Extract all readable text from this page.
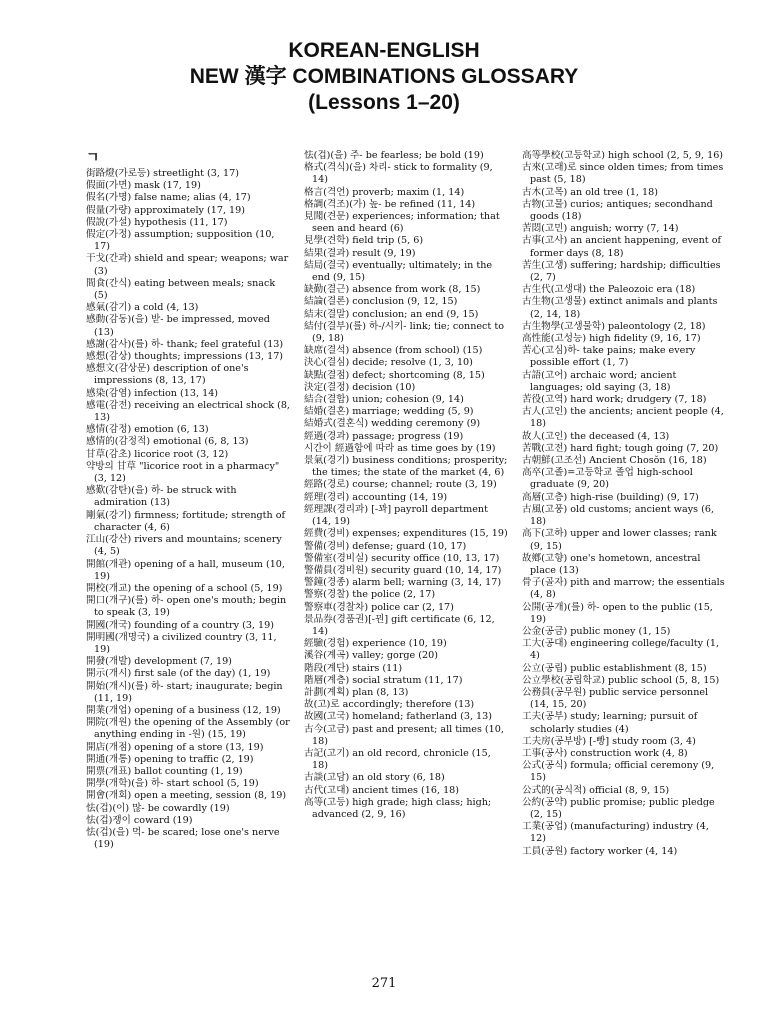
KOREAN-ENGLISH
NEW 漢字 COMBINATIONS GLOSSARY
(Lessons 1–20)
ㄱ
街路燈(가로등) streetlight (3, 17)
假面(가면) mask (17, 19)
假名(가명) false name; alias (4, 17)
假量(가량) approximately (17, 19)
假說(가설) hypothesis (11, 17)
假定(가정) assumption; supposition (10, 17)
干戈(간과) shield and spear; weapons; war (3)
間食(간식) eating between meals; snack (5)
感氣(감기) a cold (4, 13)
感動(감동)(을) 받- be impressed, moved (13)
感謝(감사)(를) 하- thank; feel grateful (13)
感想(감상) thoughts; impressions (13, 17)
感想文(감상문) description of one's impressions (8, 13, 17)
感染(감염) infection (13, 14)
感電(감전) receiving an electrical shock (8, 13)
感情(감정) emotion (6, 13)
感情的(감정적) emotional (6, 8, 13)
甘草(감초) licorice root (3, 12)
약방의 甘草 "licorice root in a pharmacy" (3, 12)
感歎(감탄)(을) 하- be struck with admiration (13)
剛氣(강기) firmness; fortitude; strength of character (4, 6)
江山(강산) rivers and mountains; scenery (4, 5)
開館(개관) opening of a hall, museum (10, 19)
開校(개교) the opening of a school (5, 19)
開口(개구)(를) 하- open one's mouth; begin to speak (3, 19)
開國(개국) founding of a country (3, 19)
開明國(개명국) a civilized country (3, 11, 19)
開發(개발) development (7, 19)
開示(개시) first sale (of the day) (1, 19)
開始(개시)(를) 하- start; inaugurate; begin (11, 19)
開業(개업) opening of a business (12, 19)
開院(개원) the opening of the Assembly (or anything ending in -원) (15, 19)
開店(개점) opening of a store (13, 19)
開通(개통) opening to traffic (2, 19)
開票(개표) ballot counting (1, 19)
開學(개학)(을) 하- start school (5, 19)
開會(개회) open a meeting, session (8, 19)
怯(겁)(이) 많- be cowardly (19)
怯(겁)쟁이 coward (19)
怯(겁)(을) 먹- be scared; lose one's nerve (19)
怯(겁)(을) 주- be fearless; be bold (19)
格式(격식)(을) 차리- stick to formality (9, 14)
格言(격언) proverb; maxim (1, 14)
格調(격조)(가) 높- be refined (11, 14)
見聞(견문) experiences; information; that seen and heard (6)
見學(견학) field trip (5, 6)
結果(결과) result (9, 19)
結局(결국) eventually; ultimately; in the end (9, 15)
缺勤(결근) absence from work (8, 15)
結論(결론) conclusion (9, 12, 15)
結末(결말) conclusion; an end (9, 15)
結付(결부)(를) 하-/시키- link; tie; connect to (9, 18)
缺席(결석) absence (from school) (15)
決心(결심) decide; resolve (1, 3, 10)
缺點(결점) defect; shortcoming (8, 15)
決定(결정) decision (10)
結合(결합) union; cohesion (9, 14)
結婚(결혼) marriage; wedding (5, 9)
結婚式(결혼식) wedding ceremony (9)
經過(경과) passage; progress (19)
시간이 經過함에 따라 as time goes by (19)
景氣(경기) business conditions; prosperity; the times; the state of the market (4, 6)
經路(경로) course; channel; route (3, 19)
經理(경리) accounting (14, 19)
經理課(경리과) [-꽈] payroll department (14, 19)
經費(경비) expenses; expenditures (15, 19)
警備(경비) defense; guard (10, 17)
警備室(경비실) security office (10, 13, 17)
警備員(경비원) security guard (10, 14, 17)
警鐘(경종) alarm bell; warning (3, 14, 17)
警察(경찰) the police (2, 17)
警察車(경찰차) police car (2, 17)
景品券(경품권)[-꿘] gift certificate (6, 12, 14)
經驗(경험) experience (10, 19)
溪谷(계곡) valley; gorge (20)
階段(계단) stairs (11)
階層(계층) social stratum (11, 17)
計劃(계획) plan (8, 13)
故(고)로 accordingly; therefore (13)
故國(고국) homeland; fatherland (3, 13)
古今(고금) past and present; all times (10, 18)
古記(고기) an old record, chronicle (15, 18)
古談(고담) an old story (6, 18)
古代(고대) ancient times (16, 18)
高等(고등) high grade; high class; high; advanced (2, 9, 16)
高等學校(고등학교) high school (2, 5, 9, 16)
古來(고래)로 since olden times; from times past (5, 18)
古木(고목) an old tree (1, 18)
古物(고물) curios; antiques; secondhand goods (18)
苦悶(고민) anguish; worry (7, 14)
古事(고사) an ancient happening, event of former days (8, 18)
苦生(고생) suffering; hardship; difficulties (2, 7)
古生代(고생대) the Paleozoic era (18)
古生物(고생물) extinct animals and plants (2, 14, 18)
古生物學(고생물학) paleontology (2, 18)
高性能(고성능) high fidelity (9, 16, 17)
苦心(고심)하- take pains; make every possible effort (1, 7)
古語(고어) archaic word; ancient languages; old saying (3, 18)
苦役(고역) hard work; drudgery (7, 18)
古人(고인) the ancients; ancient people (4, 18)
故人(고인) the deceased (4, 13)
苦戰(고전) hard fight; tough going (7, 20)
古朝鮮(고조선) Ancient Chosŏn (16, 18)
高卒(고졸)=고등학교 졸업 high-school graduate (9, 20)
高層(고층) high-rise (building) (9, 17)
古風(고풍) old customs; ancient ways (6, 18)
高下(고하) upper and lower classes; rank (9, 15)
故鄕(고향) one's hometown, ancestral place (13)
骨子(골자) pith and marrow; the essentials (4, 8)
公開(공개)(를) 하- open to the public (15, 19)
公金(공금) public money (1, 15)
工大(공대) engineering college/faculty (1, 4)
公立(공립) public establishment (8, 15)
公立學校(공립학교) public school (5, 8, 15)
公務員(공무원) public service personnel (14, 15, 20)
工夫(공부) study; learning; pursuit of scholarly studies (4)
工夫房(공부방) [-빵] study room (3, 4)
工事(공사) construction work (4, 8)
公式(공식) formula; official ceremony (9, 15)
公式的(공식적) official (8, 9, 15)
公約(공약) public promise; public pledge (2, 15)
工業(공업) (manufacturing) industry (4, 12)
工員(공원) factory worker (4, 14)
271
